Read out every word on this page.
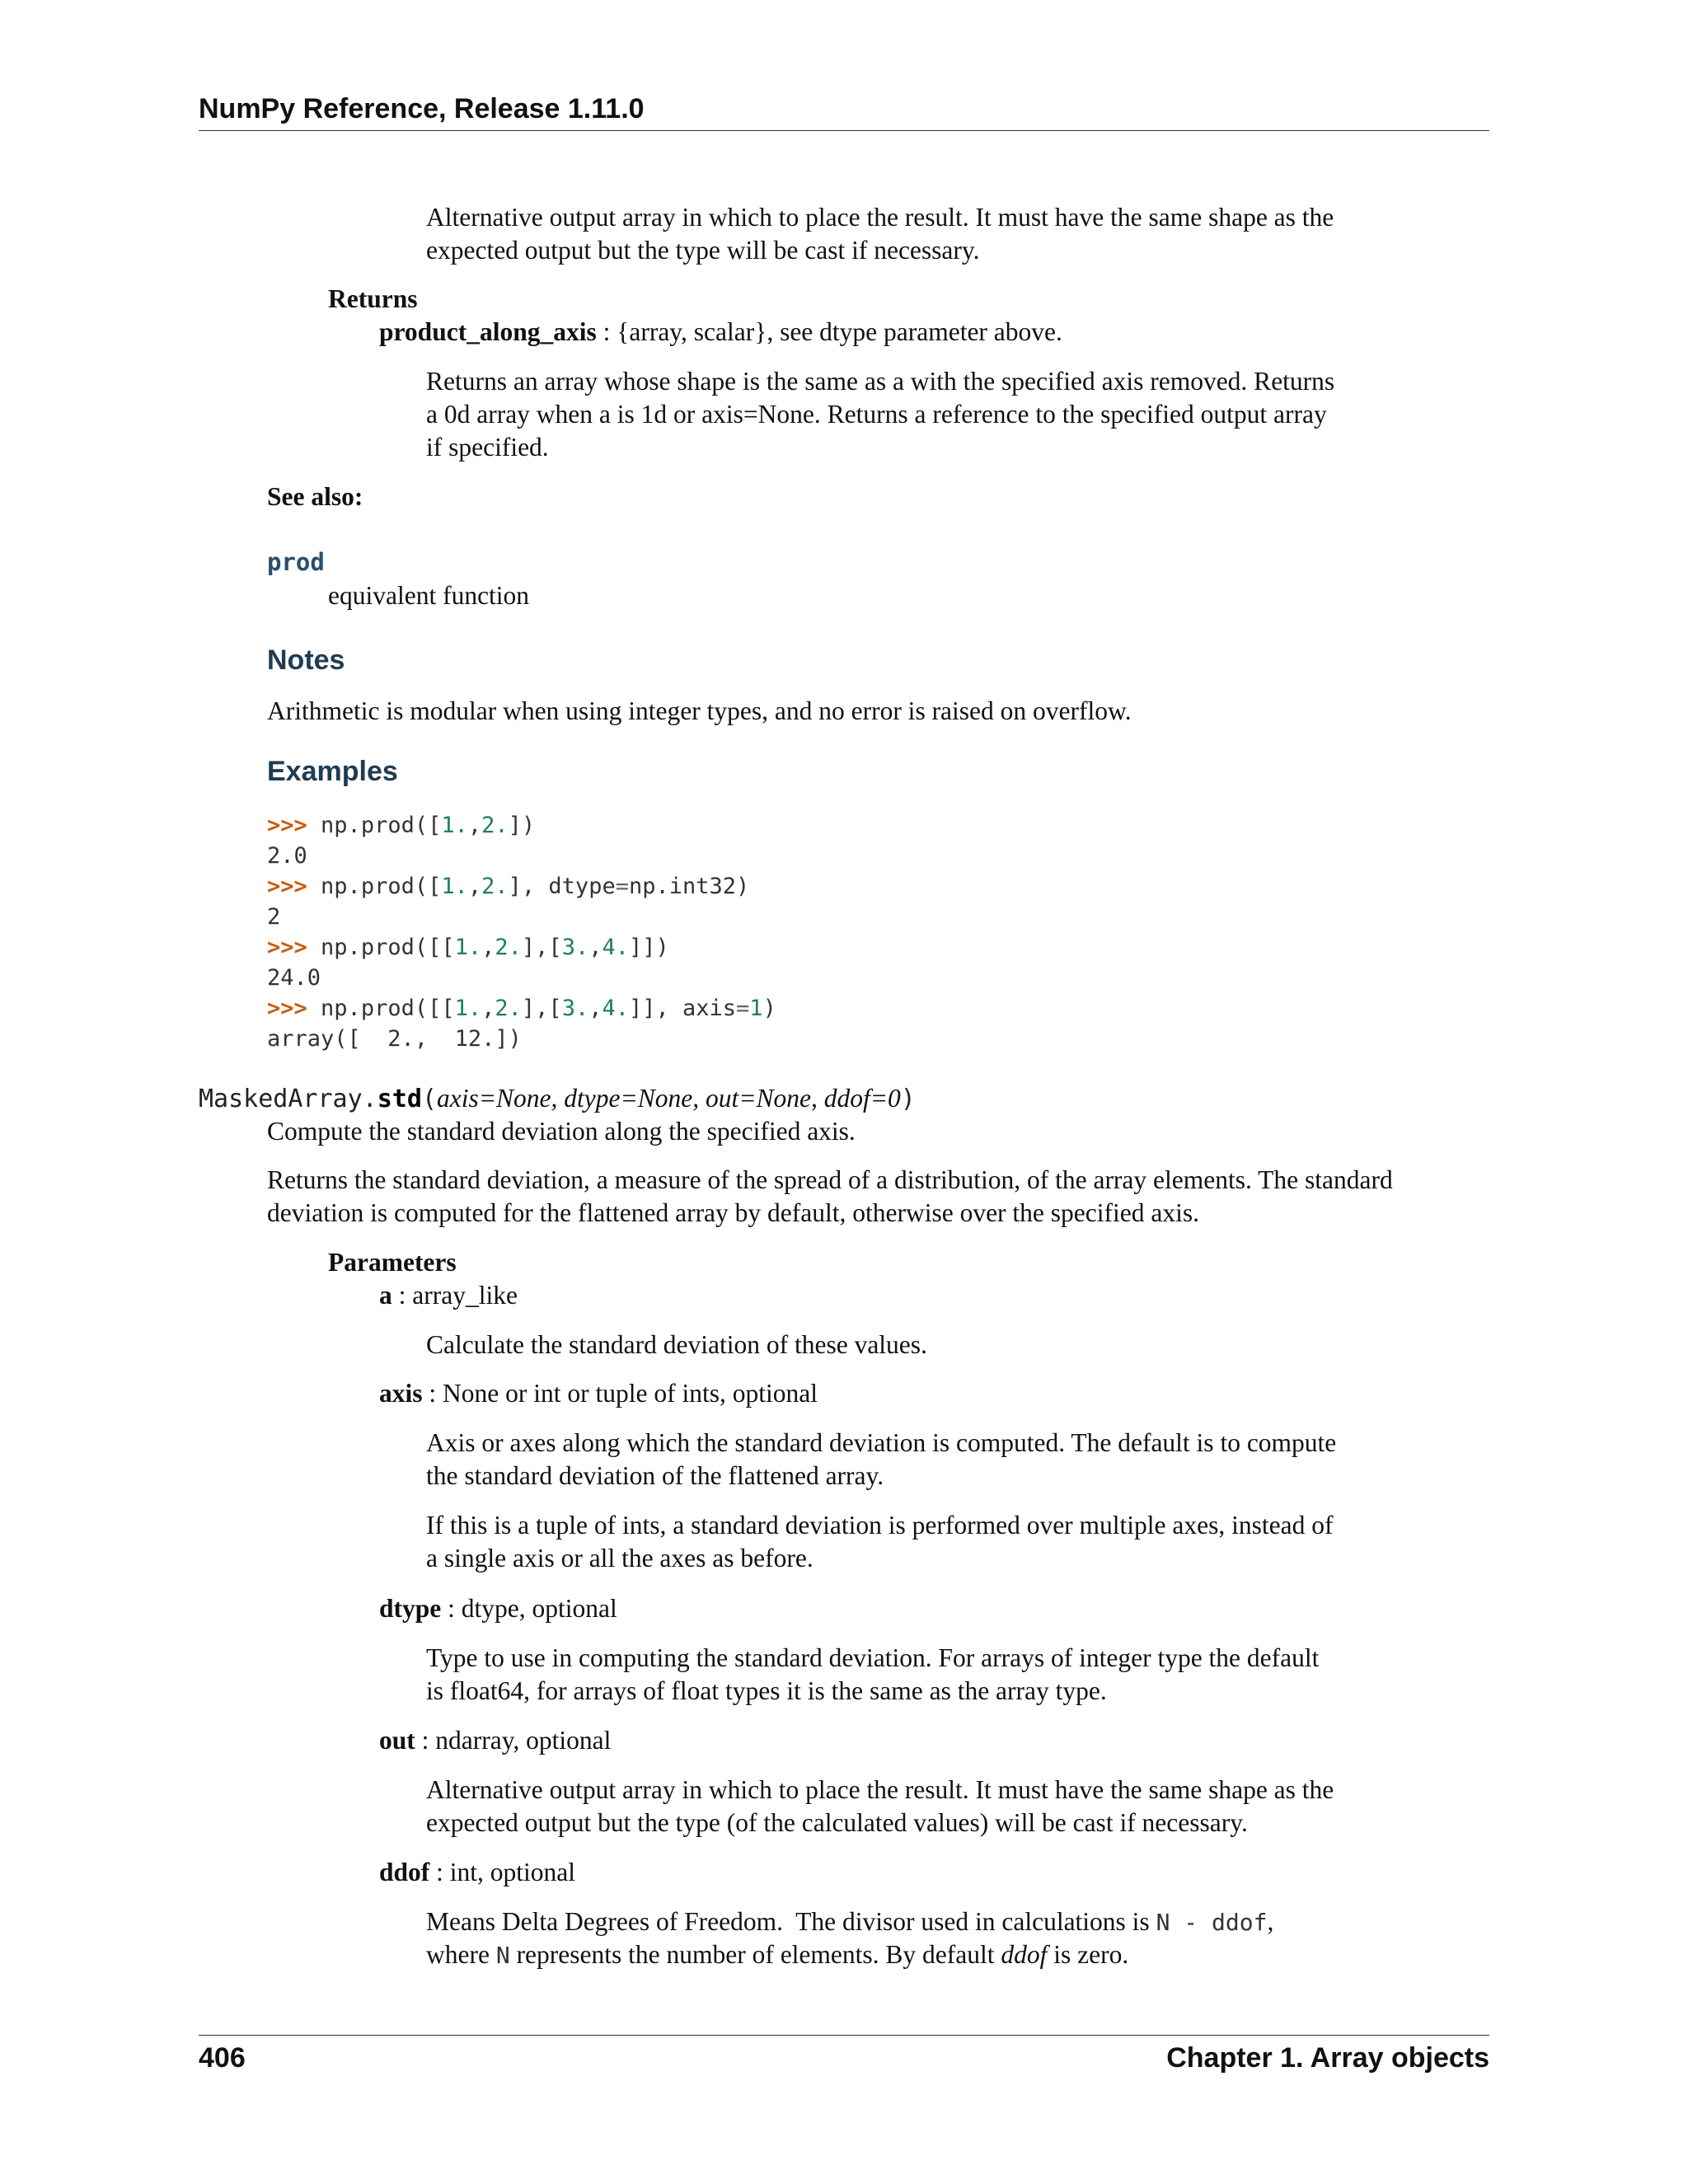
NumPy Reference, Release 1.11.0
Alternative output array in which to place the result. It must have the same shape as the
expected output but the type will be cast if necessary.
Returns
product_along_axis : {array, scalar}, see dtype parameter above.
Returns an array whose shape is the same as a with the specified axis removed. Returns
a 0d array when a is 1d or axis=None. Returns a reference to the specified output array
if specified.
See also:
prod
equivalent function
Notes
Arithmetic is modular when using integer types, and no error is raised on overflow.
Examples
>>> np.prod([1.,2.])
2.0
>>> np.prod([1.,2.], dtype=np.int32)
2
>>> np.prod([[1.,2.],[3.,4.]])
24.0
>>> np.prod([[1.,2.],[3.,4.]], axis=1)
array([  2.,  12.])
MaskedArray.std(axis=None, dtype=None, out=None, ddof=0)
Compute the standard deviation along the specified axis.
Returns the standard deviation, a measure of the spread of a distribution, of the array elements. The standard
deviation is computed for the flattened array by default, otherwise over the specified axis.
Parameters
a : array_like
Calculate the standard deviation of these values.
axis : None or int or tuple of ints, optional
Axis or axes along which the standard deviation is computed. The default is to compute
the standard deviation of the flattened array.
If this is a tuple of ints, a standard deviation is performed over multiple axes, instead of
a single axis or all the axes as before.
dtype : dtype, optional
Type to use in computing the standard deviation. For arrays of integer type the default
is float64, for arrays of float types it is the same as the array type.
out : ndarray, optional
Alternative output array in which to place the result. It must have the same shape as the
expected output but the type (of the calculated values) will be cast if necessary.
ddof : int, optional
Means Delta Degrees of Freedom.  The divisor used in calculations is N - ddof,
where N represents the number of elements. By default ddof is zero.
406	Chapter 1. Array objects
